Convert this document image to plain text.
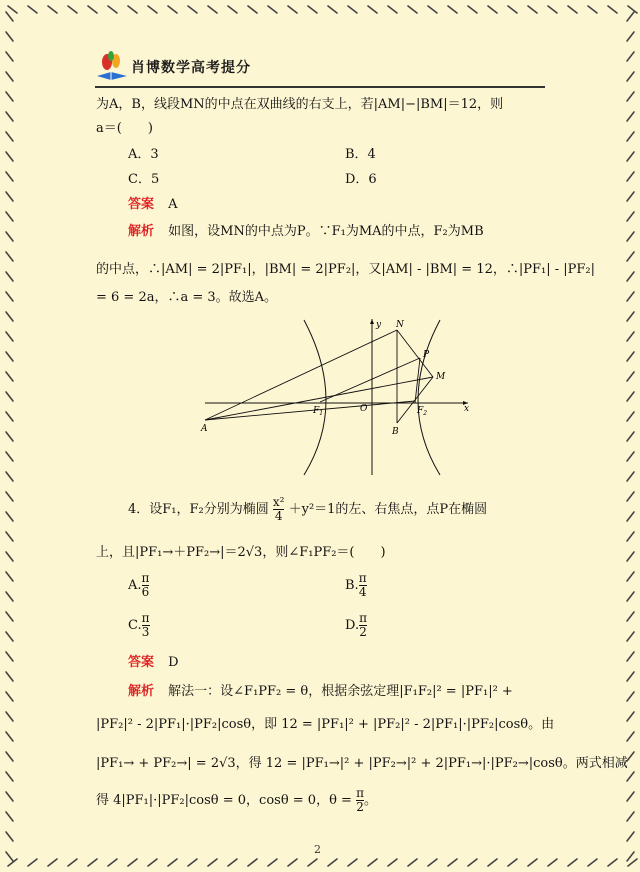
肖博数学高考提分
为A，B，线段MN的中点在双曲线的右支上，若|AM|−|BM|＝12，则
a＝(　　)
A．3	B．4
C．5	D．6
答案 A
解析 如图，设MN的中点为P。∵F₁为MA的中点，F₂为MB
的中点，∴|AM| = 2|PF₁|，|BM| = 2|PF₂|，又|AM| - |BM| = 12，∴|PF₁| - |PF₂|
= 6 = 2a，∴a = 3。故选A。
N
P
M
A	B
$F_1$	$F_2$
O	x
y
4．设F₁，F₂分别为椭圆 $\frac{\text{x²}}{4} +y^2=1$的左、右焦点，点P在椭圆
上，且|PF₁→＋PF₂→|＝2√3，则∠F₁PF₂＝(　　)
A. $\frac{\pi}{6}$	B. $\frac{\pi}{4}$
C. $\frac{\pi}{3}$	D. $\frac{\pi}{2}$
答案 D
解析 解法一：设∠F₁PF₂ = θ，根据余弦定理|F₁F₂|² = |PF₁|² +
|PF₂|² - 2|PF₁|·|PF₂|cosθ，即 12 = |PF₁|² + |PF₂|² - 2|PF₁|·|PF₂|cosθ。由
|PF₁→ + PF₂→| = 2√3，得 12 = |PF₁→|² + |PF₂→|² + 2|PF₁→|·|PF₂→|cosθ。两式相减
得 4|PF₁|·|PF₂|cosθ = 0，cosθ = 0，$\theta = \frac{\pi}{2}$ 。
2
